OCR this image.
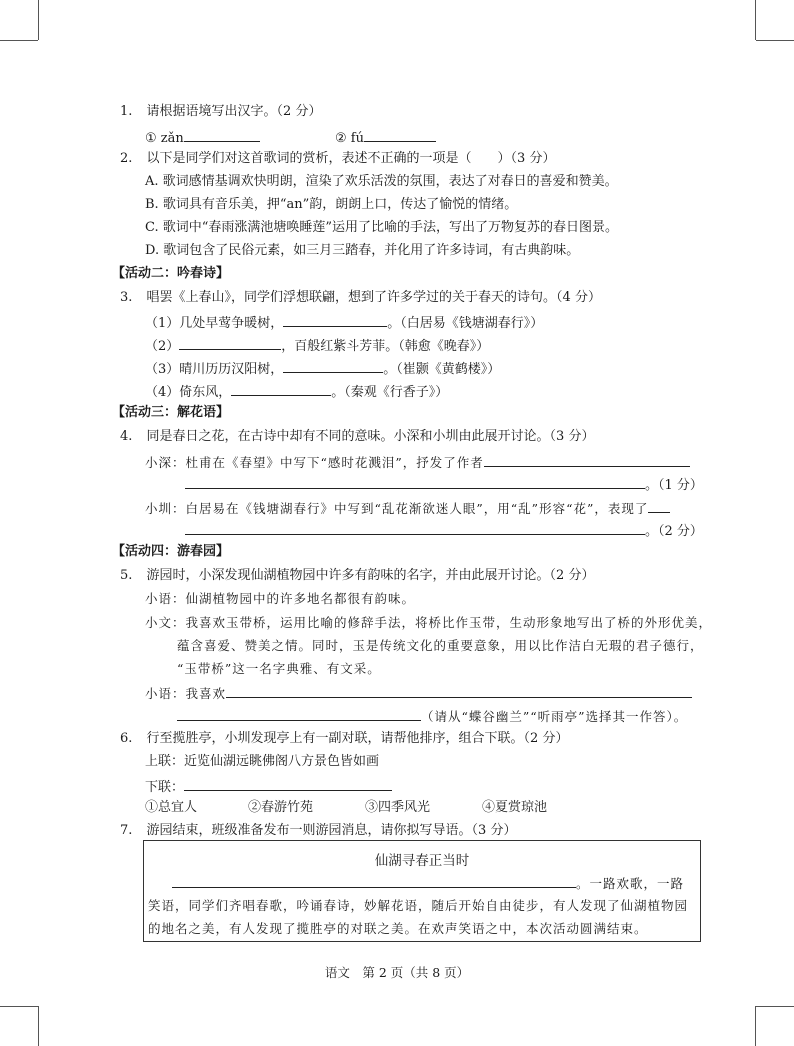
1. 请根据语境写出汉字。（2 分）
① zǎn	② fú
2. 以下是同学们对这首歌词的赏析，表述不正确的一项是（　　）（3 分）
A. 歌词感情基调欢快明朗，渲染了欢乐活泼的氛围，表达了对春日的喜爱和赞美。
B. 歌词具有音乐美，押“an”韵，朗朗上口，传达了愉悦的情绪。
C. 歌词中“春雨涨满池塘唤睡莲”运用了比喻的手法，写出了万物复苏的春日图景。
D. 歌词包含了民俗元素，如三月三踏春，并化用了许多诗词，有古典韵味。
【活动二：吟春诗】
3. 唱罢《上春山》，同学们浮想联翩，想到了许多学过的关于春天的诗句。（4 分）
（1）几处早莺争暖树，	。（白居易《钱塘湖春行》）
（2）	，百般红紫斗芳菲。（韩愈《晚春》）
（3）晴川历历汉阳树，	。（崔颢《黄鹤楼》）
（4）倚东风，	。（秦观《行香子》）
【活动三：解花语】
4. 同是春日之花，在古诗中却有不同的意味。小深和小圳由此展开讨论。（3 分）
小深：杜甫在《春望》中写下“感时花溅泪”，抒发了作者
。（1 分）
小圳：白居易在《钱塘湖春行》中写到“乱花渐欲迷人眼”，用“乱”形容“花”，表现了
。（2 分）
【活动四：游春园】
5. 游园时，小深发现仙湖植物园中许多有韵味的名字，并由此展开讨论。（2 分）
小语：仙湖植物园中的许多地名都很有韵味。
小文：我喜欢玉带桥，运用比喻的修辞手法，将桥比作玉带，生动形象地写出了桥的外形优美，
蕴含喜爱、赞美之情。同时，玉是传统文化的重要意象，用以比作洁白无瑕的君子德行，
“玉带桥”这一名字典雅、有文采。
小语：我喜欢
（请从“蝶谷幽兰”“听雨亭”选择其一作答）。
6. 行至揽胜亭，小圳发现亭上有一副对联，请帮他排序，组合下联。（2 分）
上联：近览仙湖远眺佛阁八方景色皆如画
下联：
①总宜人	②春游竹苑	③四季风光	④夏赏琼池
7. 游园结束，班级准备发布一则游园消息，请你拟写导语。（3 分）
仙湖寻春正当时
。一路欢歌，一路
笑语，同学们齐唱春歌，吟诵春诗，妙解花语，随后开始自由徒步，有人发现了仙湖植物园
的地名之美，有人发现了揽胜亭的对联之美。在欢声笑语之中，本次活动圆满结束。
语文　第 2 页（共 8 页）
